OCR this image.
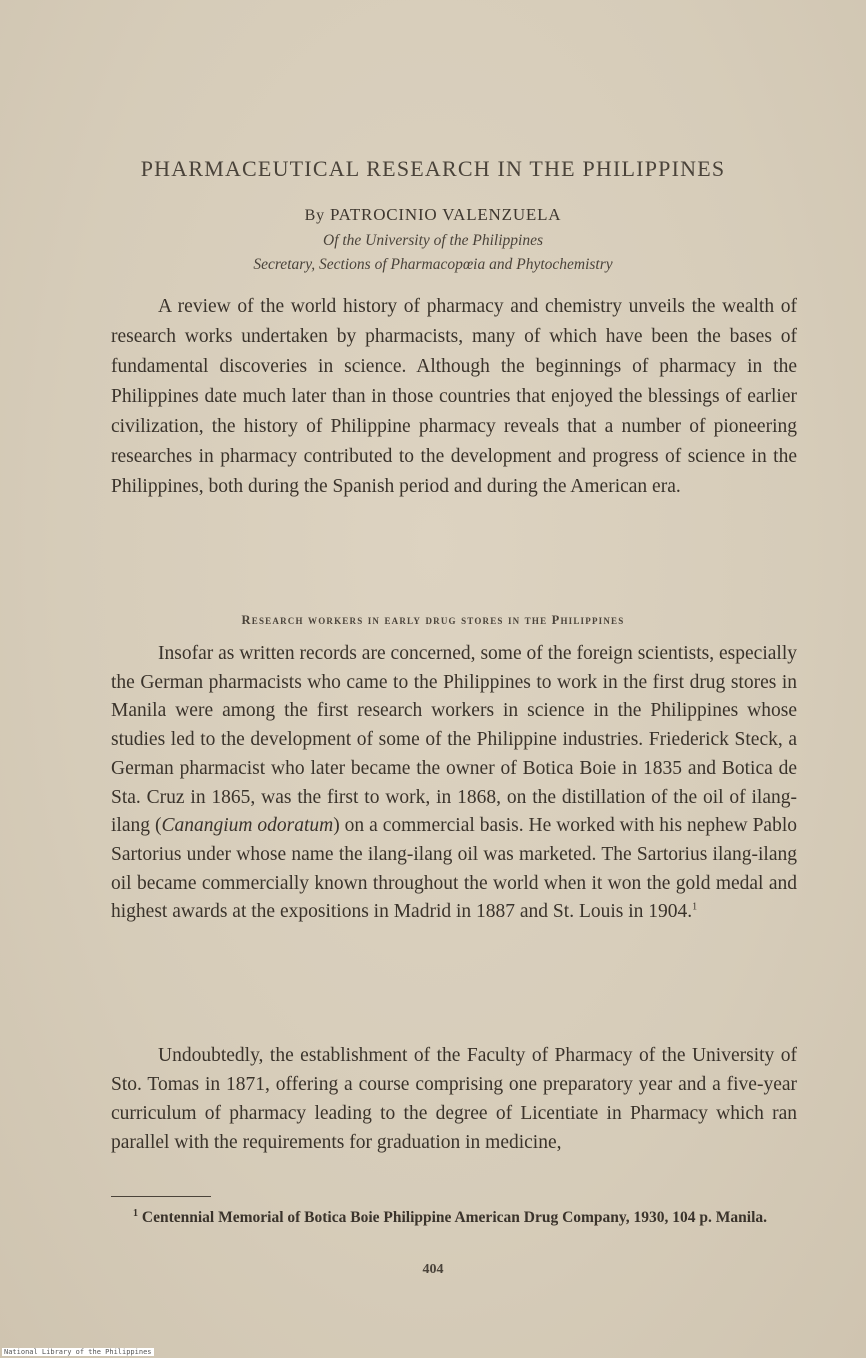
PHARMACEUTICAL RESEARCH IN THE PHILIPPINES

By PATROCINIO VALENZUELA

Of the University of the Philippines

Secretary, Sections of Pharmacopœia and Phytochemistry

A review of the world history of pharmacy and chemistry unveils the wealth of research works undertaken by pharmacists, many of which have been the bases of fundamental discoveries in science. Although the beginnings of pharmacy in the Philippines date much later than in those countries that enjoyed the blessings of earlier civilization, the history of Philippine pharmacy reveals that a number of pioneering researches in pharmacy contributed to the development and progress of science in the Philippines, both during the Spanish period and during the American era.

Research workers in early drug stores in the Philippines

Insofar as written records are concerned, some of the foreign scientists, especially the German pharmacists who came to the Philippines to work in the first drug stores in Manila were among the first research workers in science in the Philippines whose studies led to the development of some of the Philippine industries. Friederick Steck, a German pharmacist who later became the owner of Botica Boie in 1835 and Botica de Sta. Cruz in 1865, was the first to work, in 1868, on the distillation of the oil of ilang-ilang (Canangium odoratum) on a commercial basis. He worked with his nephew Pablo Sartorius under whose name the ilang-ilang oil was marketed. The Sartorius ilang-ilang oil became commercially known throughout the world when it won the gold medal and highest awards at the expositions in Madrid in 1887 and St. Louis in 1904.$^1$

Undoubtedly, the establishment of the Faculty of Pharmacy of the University of Sto. Tomas in 1871, offering a course comprising one preparatory year and a five-year curriculum of pharmacy leading to the degree of Licentiate in Pharmacy which ran parallel with the requirements for graduation in medicine,

$^1$ Centennial Memorial of Botica Boie Philippine American Drug Company, 1930, 104 p. Manila.

404

National Library of the Philippines
